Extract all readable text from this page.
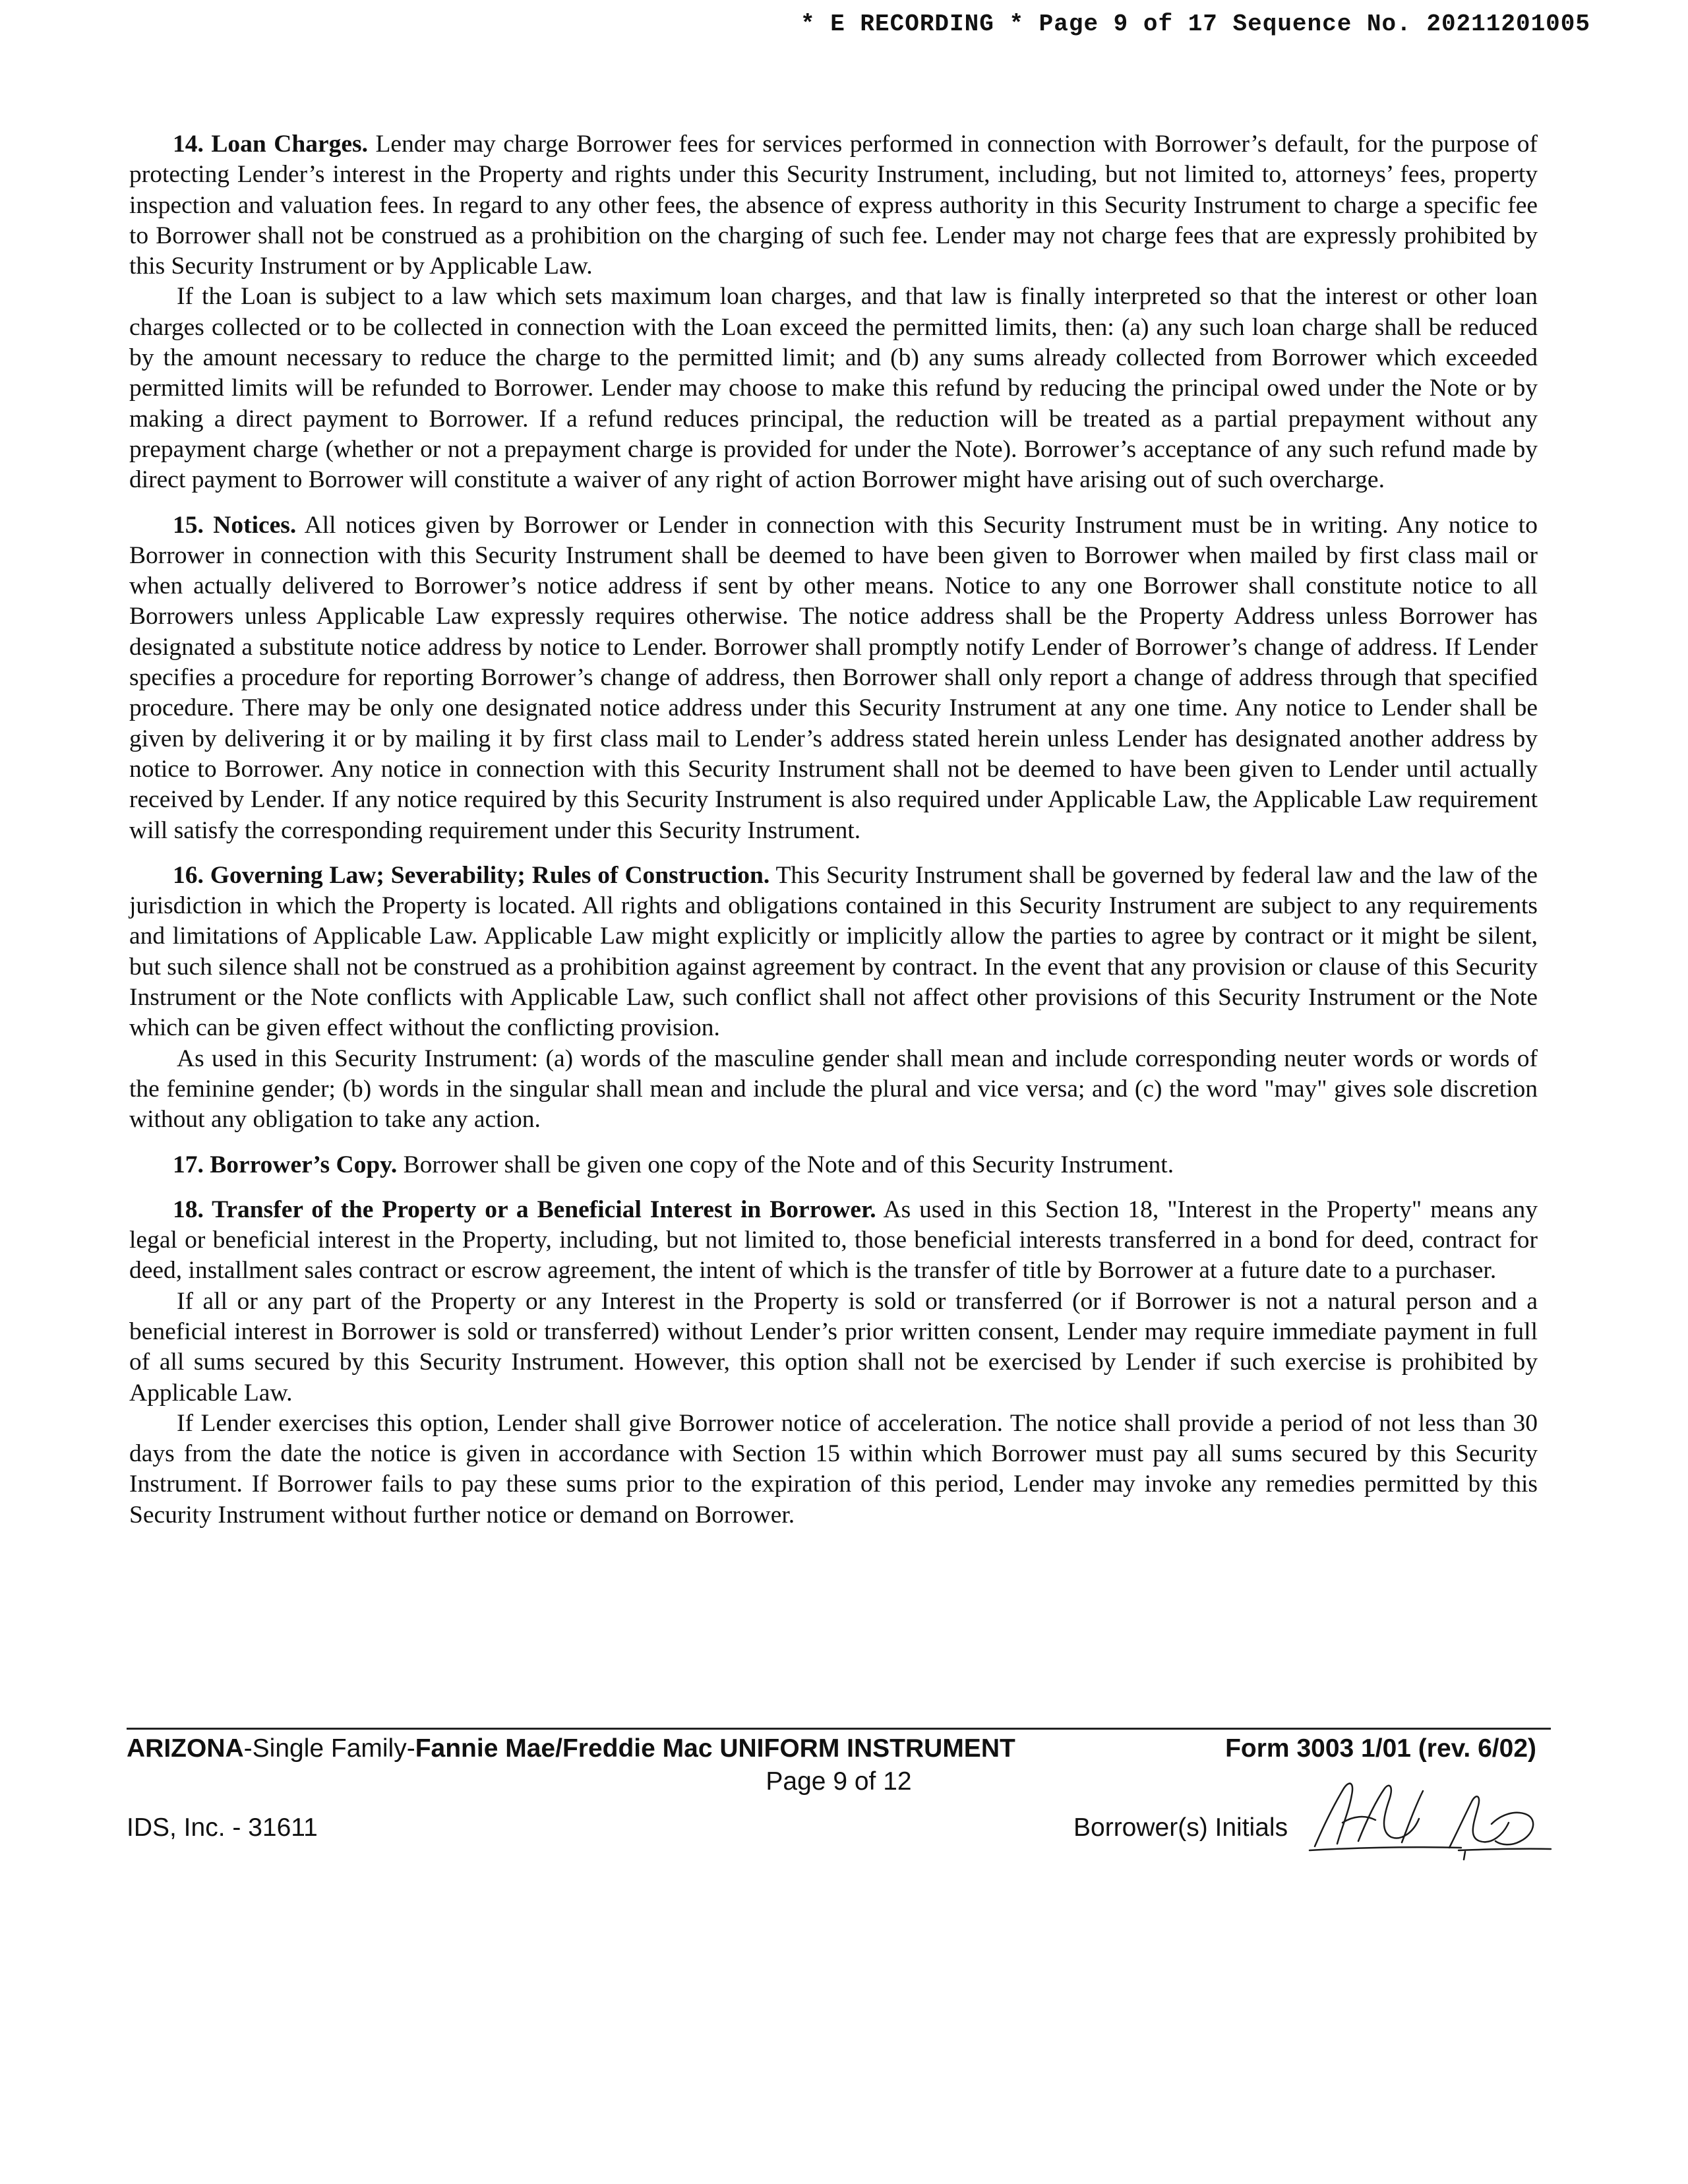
* E RECORDING * Page 9 of 17 Sequence No. 20211201005

14. Loan Charges. Lender may charge Borrower fees for services performed in connection with Borrower’s default, for the purpose of protecting Lender’s interest in the Property and rights under this Security Instrument, including, but not limited to, attorneys’ fees, property inspection and valuation fees. In regard to any other fees, the absence of express authority in this Security Instrument to charge a specific fee to Borrower shall not be construed as a prohibition on the charging of such fee. Lender may not charge fees that are expressly prohibited by this Security Instrument or by Applicable Law.

If the Loan is subject to a law which sets maximum loan charges, and that law is finally interpreted so that the interest or other loan charges collected or to be collected in connection with the Loan exceed the permitted limits, then: (a) any such loan charge shall be reduced by the amount necessary to reduce the charge to the permitted limit; and (b) any sums already collected from Borrower which exceeded permitted limits will be refunded to Borrower. Lender may choose to make this refund by reducing the principal owed under the Note or by making a direct payment to Borrower. If a refund reduces principal, the reduction will be treated as a partial prepayment without any prepayment charge (whether or not a prepayment charge is provided for under the Note). Borrower’s acceptance of any such refund made by direct payment to Borrower will constitute a waiver of any right of action Borrower might have arising out of such overcharge.

15. Notices. All notices given by Borrower or Lender in connection with this Security Instrument must be in writing. Any notice to Borrower in connection with this Security Instrument shall be deemed to have been given to Borrower when mailed by first class mail or when actually delivered to Borrower’s notice address if sent by other means. Notice to any one Borrower shall constitute notice to all Borrowers unless Applicable Law expressly requires otherwise. The notice address shall be the Property Address unless Borrower has designated a substitute notice address by notice to Lender. Borrower shall promptly notify Lender of Borrower’s change of address. If Lender specifies a procedure for reporting Borrower’s change of address, then Borrower shall only report a change of address through that specified procedure. There may be only one designated notice address under this Security Instrument at any one time. Any notice to Lender shall be given by delivering it or by mailing it by first class mail to Lender’s address stated herein unless Lender has designated another address by notice to Borrower. Any notice in connection with this Security Instrument shall not be deemed to have been given to Lender until actually received by Lender. If any notice required by this Security Instrument is also required under Applicable Law, the Applicable Law requirement will satisfy the corresponding requirement under this Security Instrument.

16. Governing Law; Severability; Rules of Construction. This Security Instrument shall be governed by federal law and the law of the jurisdiction in which the Property is located. All rights and obligations contained in this Security Instrument are subject to any requirements and limitations of Applicable Law. Applicable Law might explicitly or implicitly allow the parties to agree by contract or it might be silent, but such silence shall not be construed as a prohibition against agreement by contract. In the event that any provision or clause of this Security Instrument or the Note conflicts with Applicable Law, such conflict shall not affect other provisions of this Security Instrument or the Note which can be given effect without the conflicting provision.

As used in this Security Instrument: (a) words of the masculine gender shall mean and include corresponding neuter words or words of the feminine gender; (b) words in the singular shall mean and include the plural and vice versa; and (c) the word "may" gives sole discretion without any obligation to take any action.

17. Borrower’s Copy. Borrower shall be given one copy of the Note and of this Security Instrument.

18. Transfer of the Property or a Beneficial Interest in Borrower. As used in this Section 18, "Interest in the Property" means any legal or beneficial interest in the Property, including, but not limited to, those beneficial interests transferred in a bond for deed, contract for deed, installment sales contract or escrow agreement, the intent of which is the transfer of title by Borrower at a future date to a purchaser.

If all or any part of the Property or any Interest in the Property is sold or transferred (or if Borrower is not a natural person and a beneficial interest in Borrower is sold or transferred) without Lender’s prior written consent, Lender may require immediate payment in full of all sums secured by this Security Instrument. However, this option shall not be exercised by Lender if such exercise is prohibited by Applicable Law.

If Lender exercises this option, Lender shall give Borrower notice of acceleration. The notice shall provide a period of not less than 30 days from the date the notice is given in accordance with Section 15 within which Borrower must pay all sums secured by this Security Instrument. If Borrower fails to pay these sums prior to the expiration of this period, Lender may invoke any remedies permitted by this Security Instrument without further notice or demand on Borrower.

ARIZONA-Single Family-Fannie Mae/Freddie Mac UNIFORM INSTRUMENT	Form 3003 1/01 (rev. 6/02)
Page 9 of 12
IDS, Inc. - 31611	Borrower(s) Initials
